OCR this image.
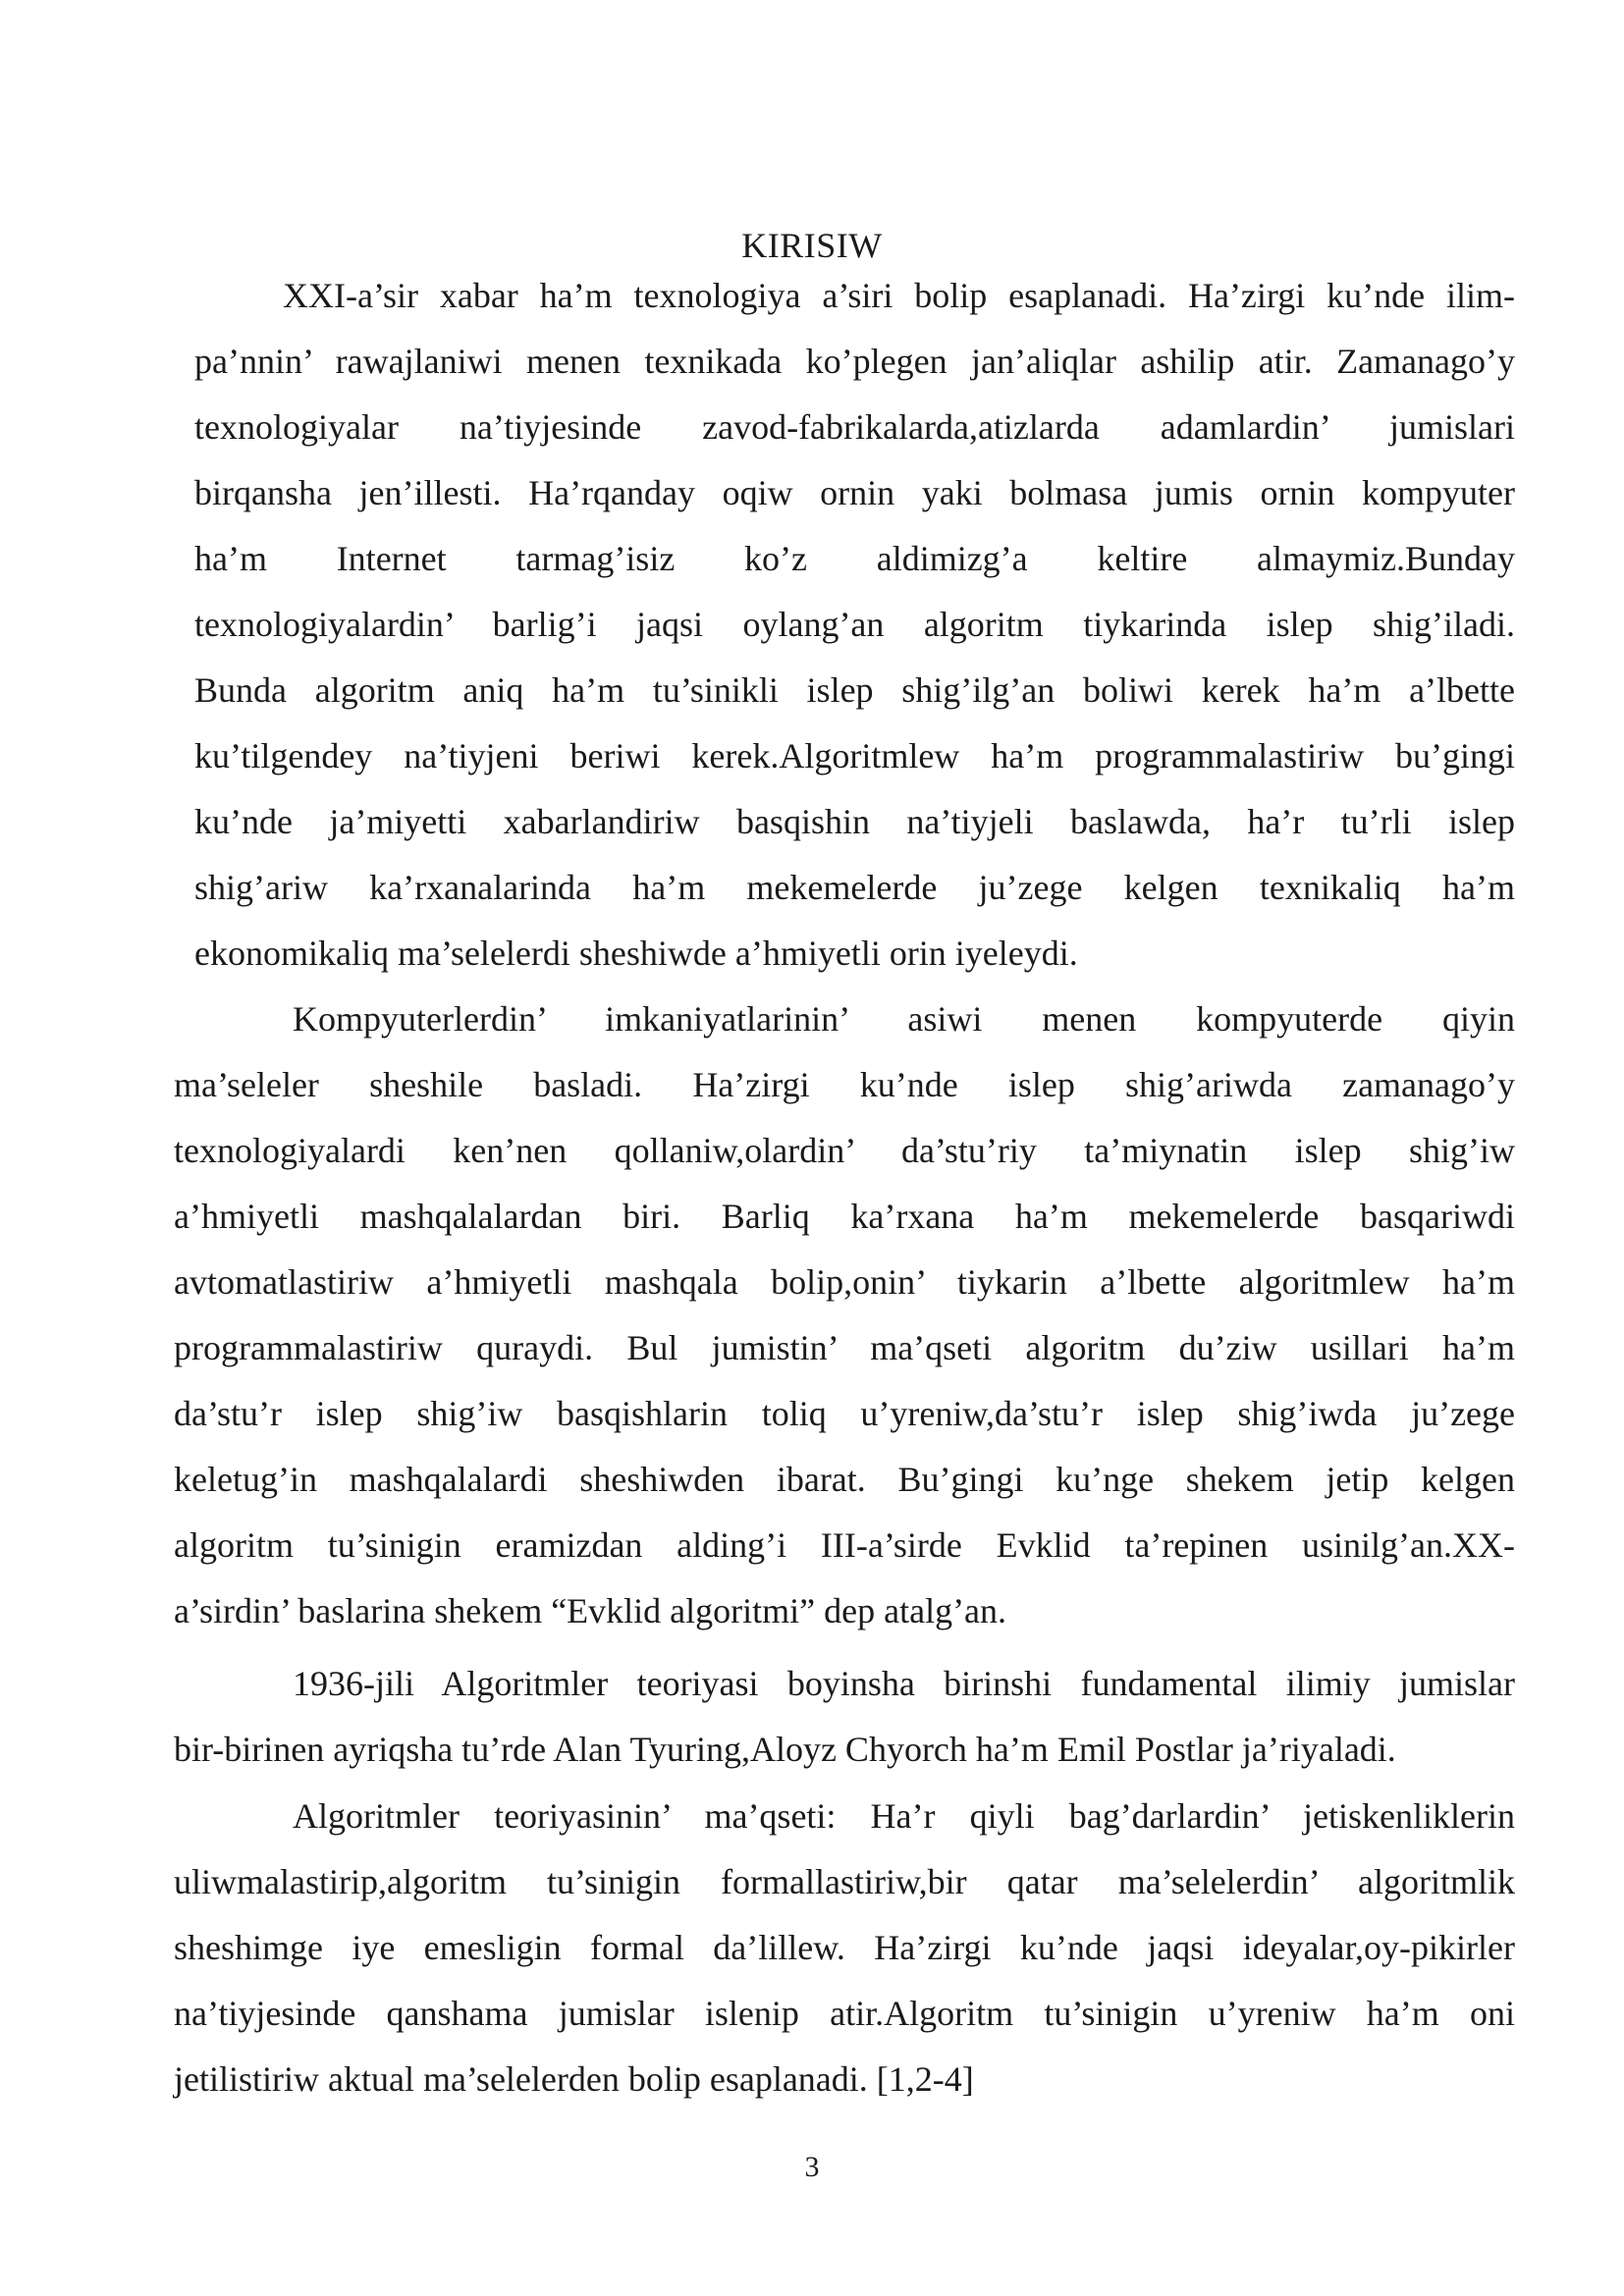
KIRISIW
XXI-a’sir xabar ha’m texnologiya a’siri bolip esaplanadi. Ha’zirgi ku’nde ilim-
pa’nnin’ rawajlaniwi menen texnikada ko’plegen jan’aliqlar ashilip atir. Zamanago’y
texnologiyalar na’tiyjesinde zavod-fabrikalarda,atizlarda adamlardin’ jumislari
birqansha jen’illesti. Ha’rqanday oqiw ornin yaki bolmasa jumis ornin kompyuter
ha’m Internet tarmag’isiz ko’z aldimizg’a keltire almaymiz.Bunday
texnologiyalardin’ barlig’i jaqsi oylang’an algoritm tiykarinda islep shig’iladi.
Bunda algoritm aniq ha’m tu’sinikli islep shig’ilg’an boliwi kerek ha’m a’lbette
ku’tilgendey na’tiyjeni beriwi kerek.Algoritmlew ha’m programmalastiriw bu’gingi
ku’nde ja’miyetti xabarlandiriw basqishin na’tiyjeli baslawda, ha’r tu’rli islep
shig’ariw ka’rxanalarinda ha’m mekemelerde ju’zege kelgen texnikaliq ha’m
ekonomikaliq ma’selelerdi sheshiwde a’hmiyetli orin iyeleydi.
Kompyuterlerdin’ imkaniyatlarinin’ asiwi menen kompyuterde qiyin
ma’seleler sheshile basladi. Ha’zirgi ku’nde islep shig’ariwda zamanago’y
texnologiyalardi ken’nen qollaniw,olardin’ da’stu’riy ta’miynatin islep shig’iw
a’hmiyetli mashqalalardan biri. Barliq ka’rxana ha’m mekemelerde basqariwdi
avtomatlastiriw a’hmiyetli mashqala bolip,onin’ tiykarin a’lbette algoritmlew ha’m
programmalastiriw quraydi. Bul jumistin’ ma’qseti algoritm du’ziw usillari ha’m
da’stu’r islep shig’iw basqishlarin toliq u’yreniw,da’stu’r islep shig’iwda ju’zege
keletug’in mashqalalardi sheshiwden ibarat. Bu’gingi ku’nge shekem jetip kelgen
algoritm tu’sinigin eramizdan alding’i III-a’sirde Evklid ta’repinen usinilg’an.XX-
a’sirdin’ baslarina shekem “Evklid algoritmi” dep atalg’an.
1936-jili Algoritmler teoriyasi boyinsha birinshi fundamental ilimiy jumislar
bir-birinen ayriqsha tu’rde Alan Tyuring,Aloyz Chyorch ha’m Emil Postlar ja’riyaladi.
Algoritmler teoriyasinin’ ma’qseti: Ha’r qiyli bag’darlardin’ jetiskenliklerin
uliwmalastirip,algoritm tu’sinigin formallastiriw,bir qatar ma’selelerdin’ algoritmlik
sheshimge iye emesligin formal da’lillew. Ha’zirgi ku’nde jaqsi ideyalar,oy-pikirler
na’tiyjesinde qanshama jumislar islenip atir.Algoritm tu’sinigin u’yreniw ha’m oni
jetilistiriw aktual ma’selelerden bolip esaplanadi. [1,2-4]
3
